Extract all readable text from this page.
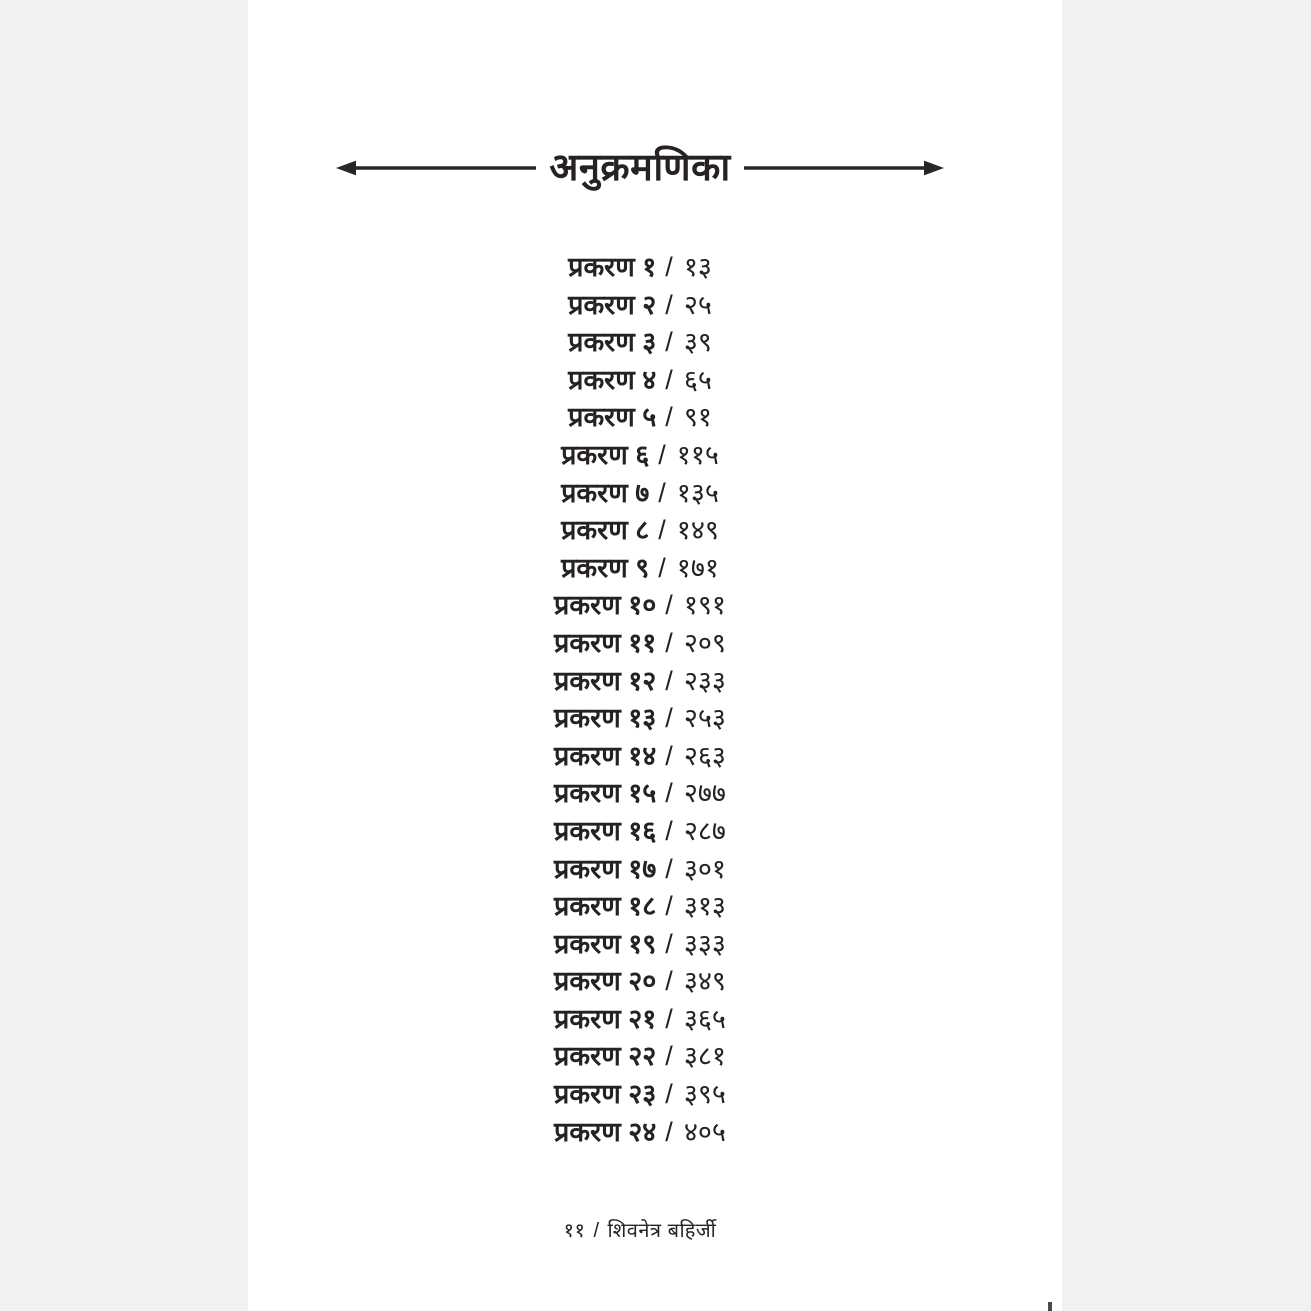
अनुक्रमणिका
प्रकरण १ / १३
प्रकरण २ / २५
प्रकरण ३ / ३९
प्रकरण ४ / ६५
प्रकरण ५ / ९१
प्रकरण ६ / ११५
प्रकरण ७ / १३५
प्रकरण ८ / १४९
प्रकरण ९ / १७१
प्रकरण १० / १९१
प्रकरण ११ / २०९
प्रकरण १२ / २३३
प्रकरण १३ / २५३
प्रकरण १४ / २६३
प्रकरण १५ / २७७
प्रकरण १६ / २८७
प्रकरण १७ / ३०१
प्रकरण १८ / ३१३
प्रकरण १९ / ३३३
प्रकरण २० / ३४९
प्रकरण २१ / ३६५
प्रकरण २२ / ३८१
प्रकरण २३ / ३९५
प्रकरण २४ / ४०५
११ / शिवनेत्र बहिर्जी
